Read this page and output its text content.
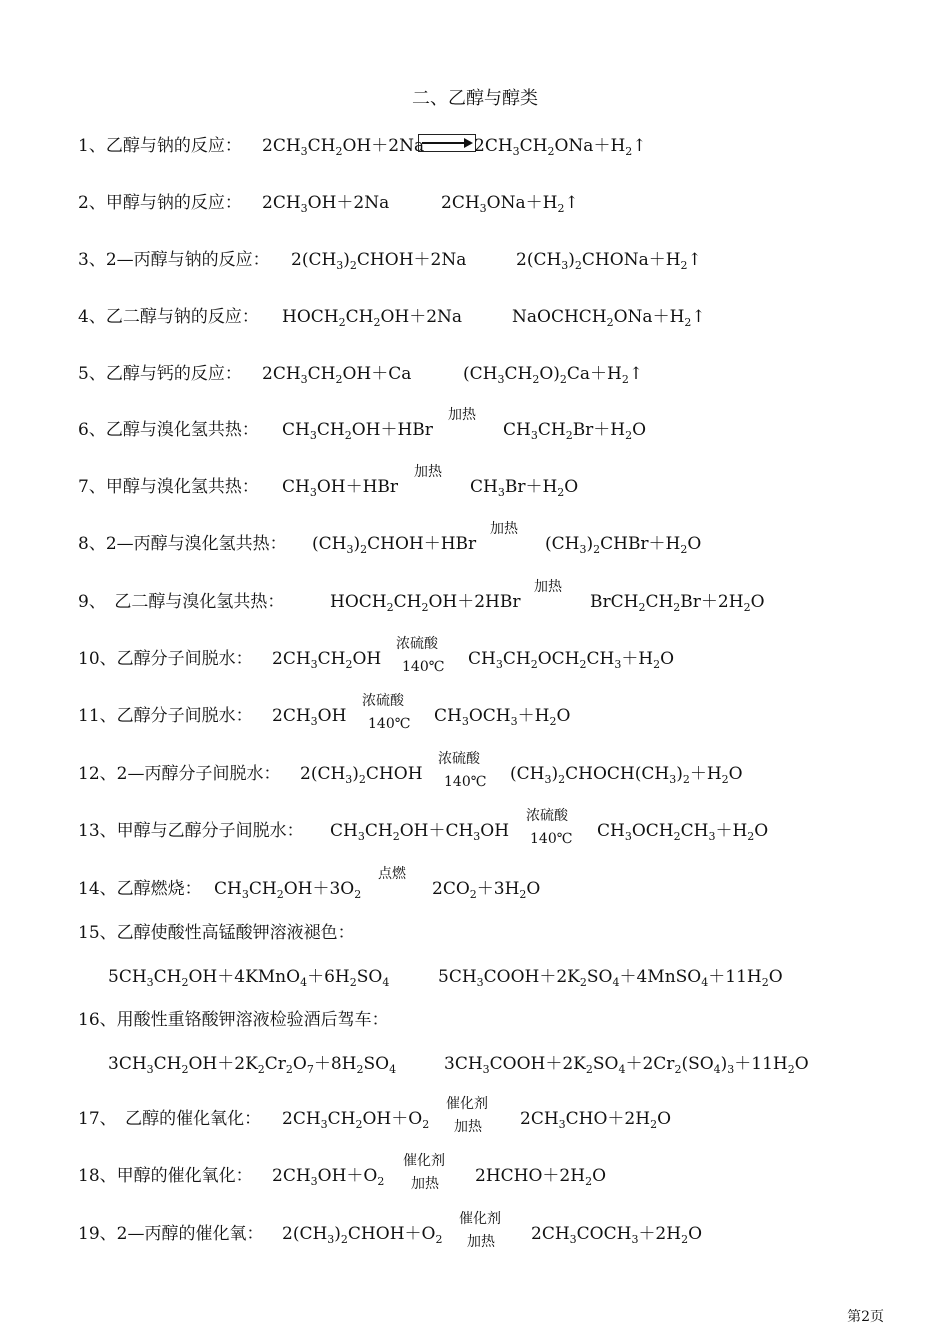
二、乙醇与醇类
1、乙醇与钠的反应： $2CH_3CH_2OH+2Na$	$2CH_3CH_2ONa+H_2↑$
2、甲醇与钠的反应： $2CH_3OH+2Na$	$2CH_3ONa+H_2↑$
3、2—丙醇与钠的反应： $2(CH_3)_2CHOH+2Na$	$2(CH_3)_2CHONa+H_2↑$
4、乙二醇与钠的反应： $HOCH_2CH_2OH+2Na$	$NaOCHCH_2ONa+H_2↑$
5、乙醇与钙的反应： $2CH_3CH_2OH+Ca$	$(CH_3CH_2O)_2Ca+H_2↑$
6、乙醇与溴化氢共热： $CH_3CH_2OH+HBr$
加热
$CH_3CH_2Br+H_2O$
7、甲醇与溴化氢共热： $CH_3OH+HBr$
加热
$CH_3Br+H_2O$
8、2—丙醇与溴化氢共热： $(CH_3)_2CHOH+HBr$
加热
$(CH_3)_2CHBr+H_2O$
9、　乙二醇与溴化氢共热：	$HOCH_2CH_2OH+2HBr$
加热
$BrCH_2CH_2Br+2H_2O$
10、乙醇分子间脱水： $2CH_3CH_2OH$
浓硫酸
140℃ $CH_3CH_2OCH_2CH_3+H_2O$
11、乙醇分子间脱水： $2CH_3OH$
浓硫酸
140℃ $CH_3OCH_3+H_2O$
12、2—丙醇分子间脱水： $2(CH_3)_2CHOH$
浓硫酸
140℃ $(CH_3)_2CHOCH(CH_3)_2+H_2O$
13、甲醇与乙醇分子间脱水： $CH_3CH_2OH+CH_3OH$
浓硫酸
140℃ $CH_3OCH_2CH_3+H_2O$
14、乙醇燃烧： $CH_3CH_2OH+3O_2$
点燃
$2CO_2+3H_2O$
15、乙醇使酸性高锰酸钾溶液褪色：
$5CH_3CH_2OH+4KMnO_4+6H_2SO_4$	$5CH_3COOH+2K_2SO_4+4MnSO_4+11H_2O$
16、用酸性重铬酸钾溶液检验酒后驾车：
$3CH_3CH_2OH+2K_2Cr_2O_7+8H_2SO_4$	$3CH_3COOH+2K_2SO_4+2Cr_2(SO_4)_3+11H_2O$
17、　乙醇的催化氧化： $2CH_3CH_2OH+O_2$
催化剂
加热 $2CH_3CHO+2H_2O$
18、甲醇的催化氧化： $2CH_3OH+O_2$
催化剂
加热 $2HCHO+2H_2O$
19、2—丙醇的催化氧： $2(CH_3)_2CHOH+O_2$
催化剂
加热 $2CH_3COCH_3+2H_2O$
第2页
